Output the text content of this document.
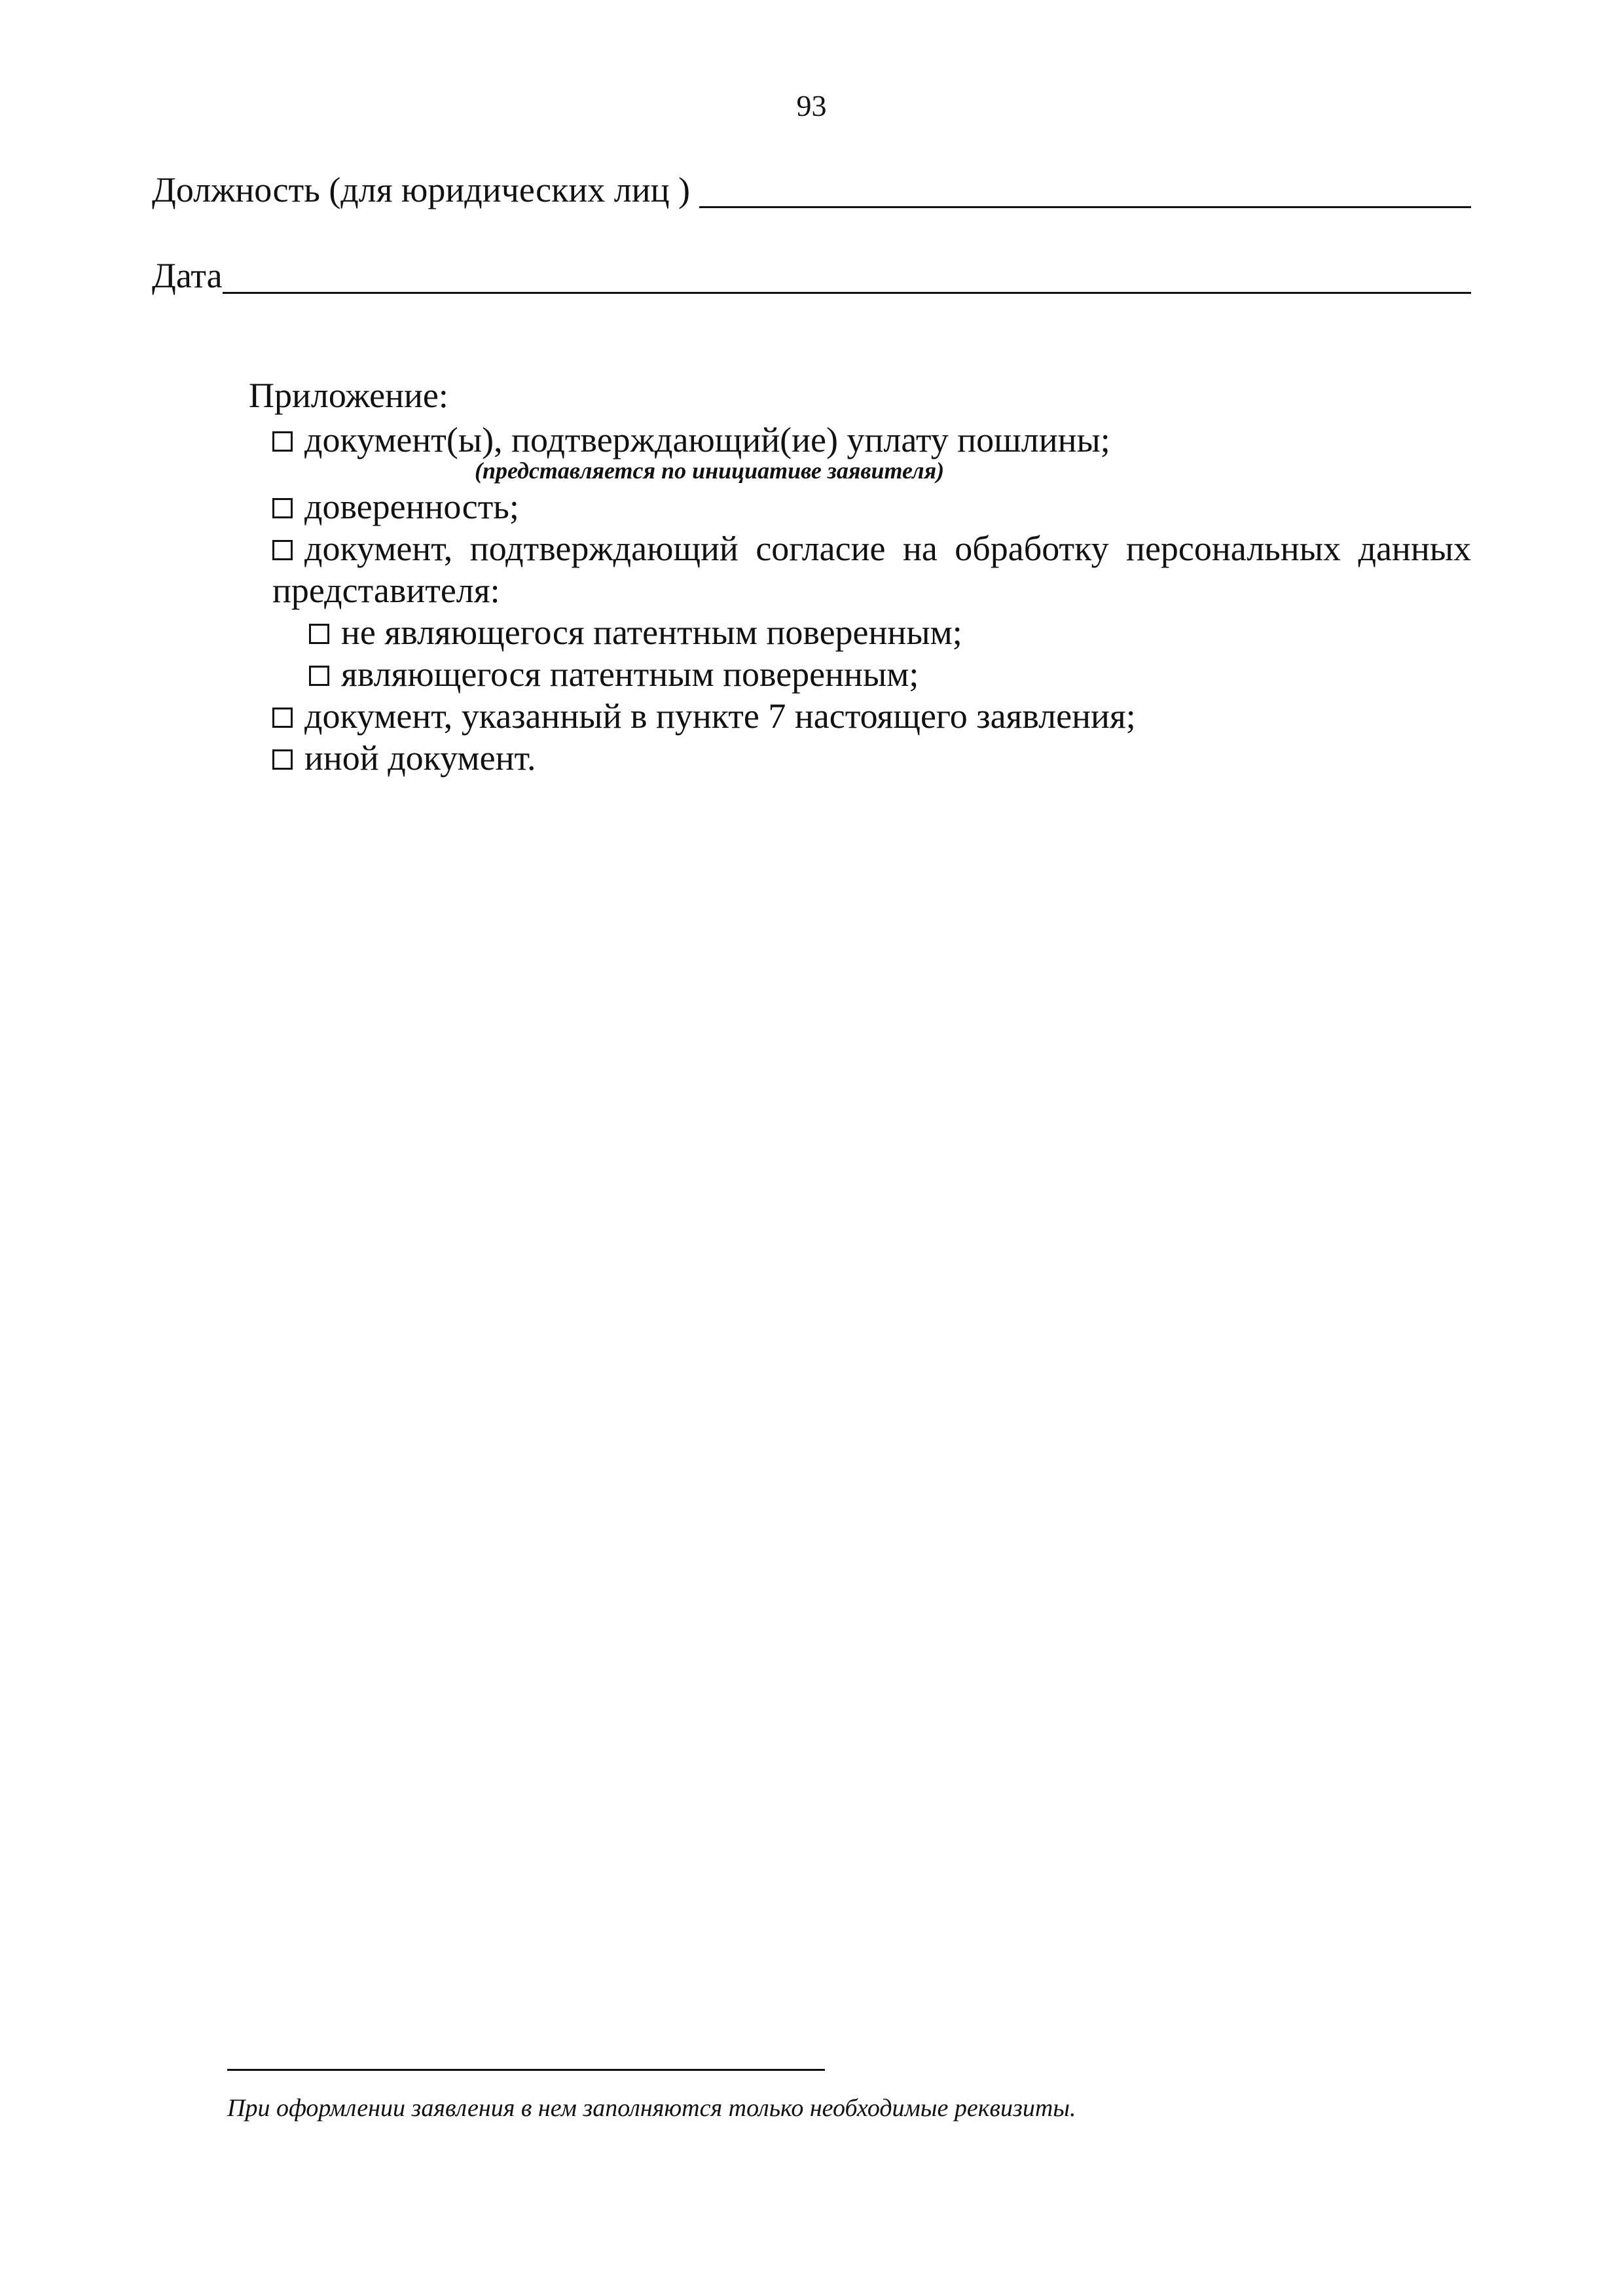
93
Должность (для юридических лиц )
Дата
Приложение:
документ(ы), подтверждающий(ие) уплату пошлины;
(представляется по инициативе заявителя)
доверенность;
документ, подтверждающий согласие на обработку персональных данных
представителя:
не являющегося патентным поверенным;
являющегося патентным поверенным;
документ, указанный в пункте 7 настоящего заявления;
иной документ.
При оформлении заявления в нем заполняются только необходимые реквизиты.
